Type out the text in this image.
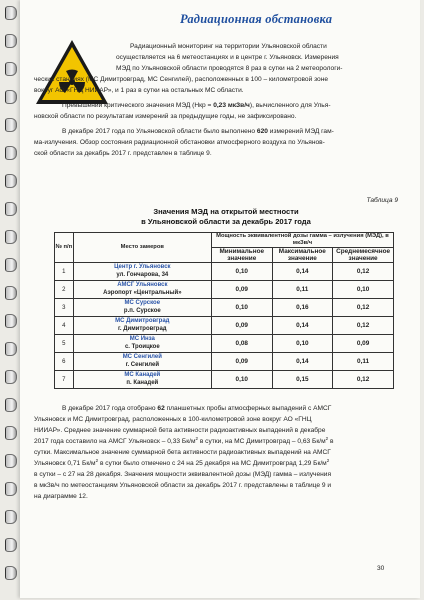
Радиационная обстановка
Радиационный мониторинг на территории Ульяновской области
осуществляется на 6 метеостанциях и в центре г. Ульяновск. Измерения
МЭД по Ульяновской области проводятся 8 раз в сутки на 2 метеорологи-
ческих станциях (МС Димитровград, МС Сенгилей), расположенных в 100 – километровой зоне
вокруг АО «ГНЦ НИИАР», и 1 раз в сутки на остальных МС области.
Превышений критического значения МЭД (Нкр = 0,23 мкЗв/ч), вычисленного для Улья-
новской области по результатам измерений за предыдущие годы, не зафиксировано.
В декабре 2017 года по Ульяновской области было выполнено 620 измерений МЭД гам-
ма-излучения. Обзор состояния радиационной обстановки атмосферного воздуха по Ульянов-
ской области за декабрь 2017 г. представлен в таблице 9.
Таблица 9
Значения МЭД на открытой местности
в Ульяновской области за декабрь 2017 года
№ п/п	Место замеров	Мощность эквивалентной дозы гамма – излучения (МЭД), в мкЗв/ч		
		Минимальное значение	Максимальное значение	Среднемесячное значение
1	Центр г. Ульяновск
ул. Гончарова, 34	0,10	0,14	0,12
2	АМСГ Ульяновск
Аэропорт «Центральный»	0,09	0,11	0,10
3	МС Сурское
р.п. Сурское	0,10	0,16	0,12
4	МС Димитровград
г. Димитровград	0,09	0,14	0,12
5	МС Инза
с. Троицкое	0,08	0,10	0,09
6	МС Сенгилей
г. Сенгилей	0,09	0,14	0,11
7	МС Канадей
п. Канадей	0,10	0,15	0,12
В декабре 2017 года отобрано 62 планшетных пробы атмосферных выпадений с АМСГ
Ульяновск и МС Димитровград, расположенных в 100-километровой зоне вокруг АО «ГНЦ
НИИАР». Среднее значение суммарной бета активности радиоактивных выпадений в декабре
2017 года составило на АМСГ Ульяновск – 0,33 $Бк/м^2$ в сутки, на МС Димитровград – 0,63 $Бк/м^2$ в
сутки. Максимальное значение суммарной бета активности радиоактивных выпадений на АМСГ
Ульяновск 0,71 $Бк/м^2$ в сутки было отмечено с 24 на 25 декабря на МС Димитровград 1,29 $Бк/м^2$
в сутки – с 27 на 28 декабря. Значения мощности эквивалентной дозы (МЭД) гамма – излучения
в мкЗв/ч по метеостанциям Ульяновской области за декабрь 2017 г. представлены в таблице 9 и
на диаграмме 12.
30
